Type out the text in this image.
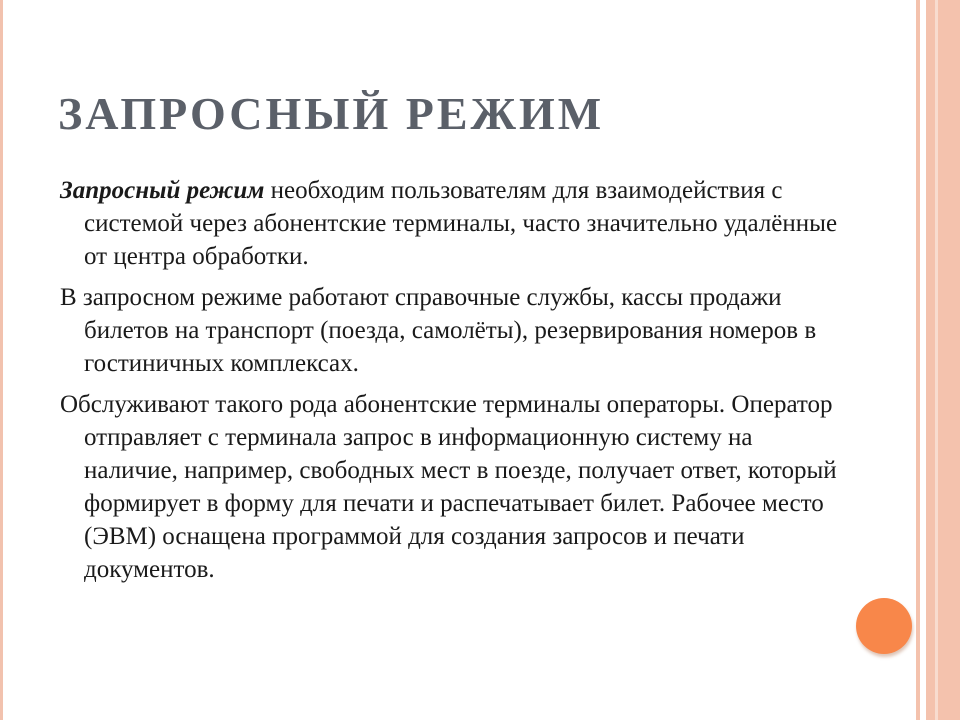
ЗАПРОСНЫЙ РЕЖИМ

Запросный режим необходим пользователям для взаимодействия с системой через абонентские терминалы, часто значительно удалённые от центра обработки.

В запросном режиме работают справочные службы, кассы продажи билетов на транспорт (поезда, самолёты), резервирования номеров в гостиничных комплексах.

Обслуживают такого рода абонентские терминалы операторы. Оператор отправляет с терминала запрос в информационную систему на наличие, например, свободных мест в поезде, получает ответ, который формирует в форму для печати и распечатывает билет. Рабочее место (ЭВМ) оснащена программой для создания запросов и печати документов.
